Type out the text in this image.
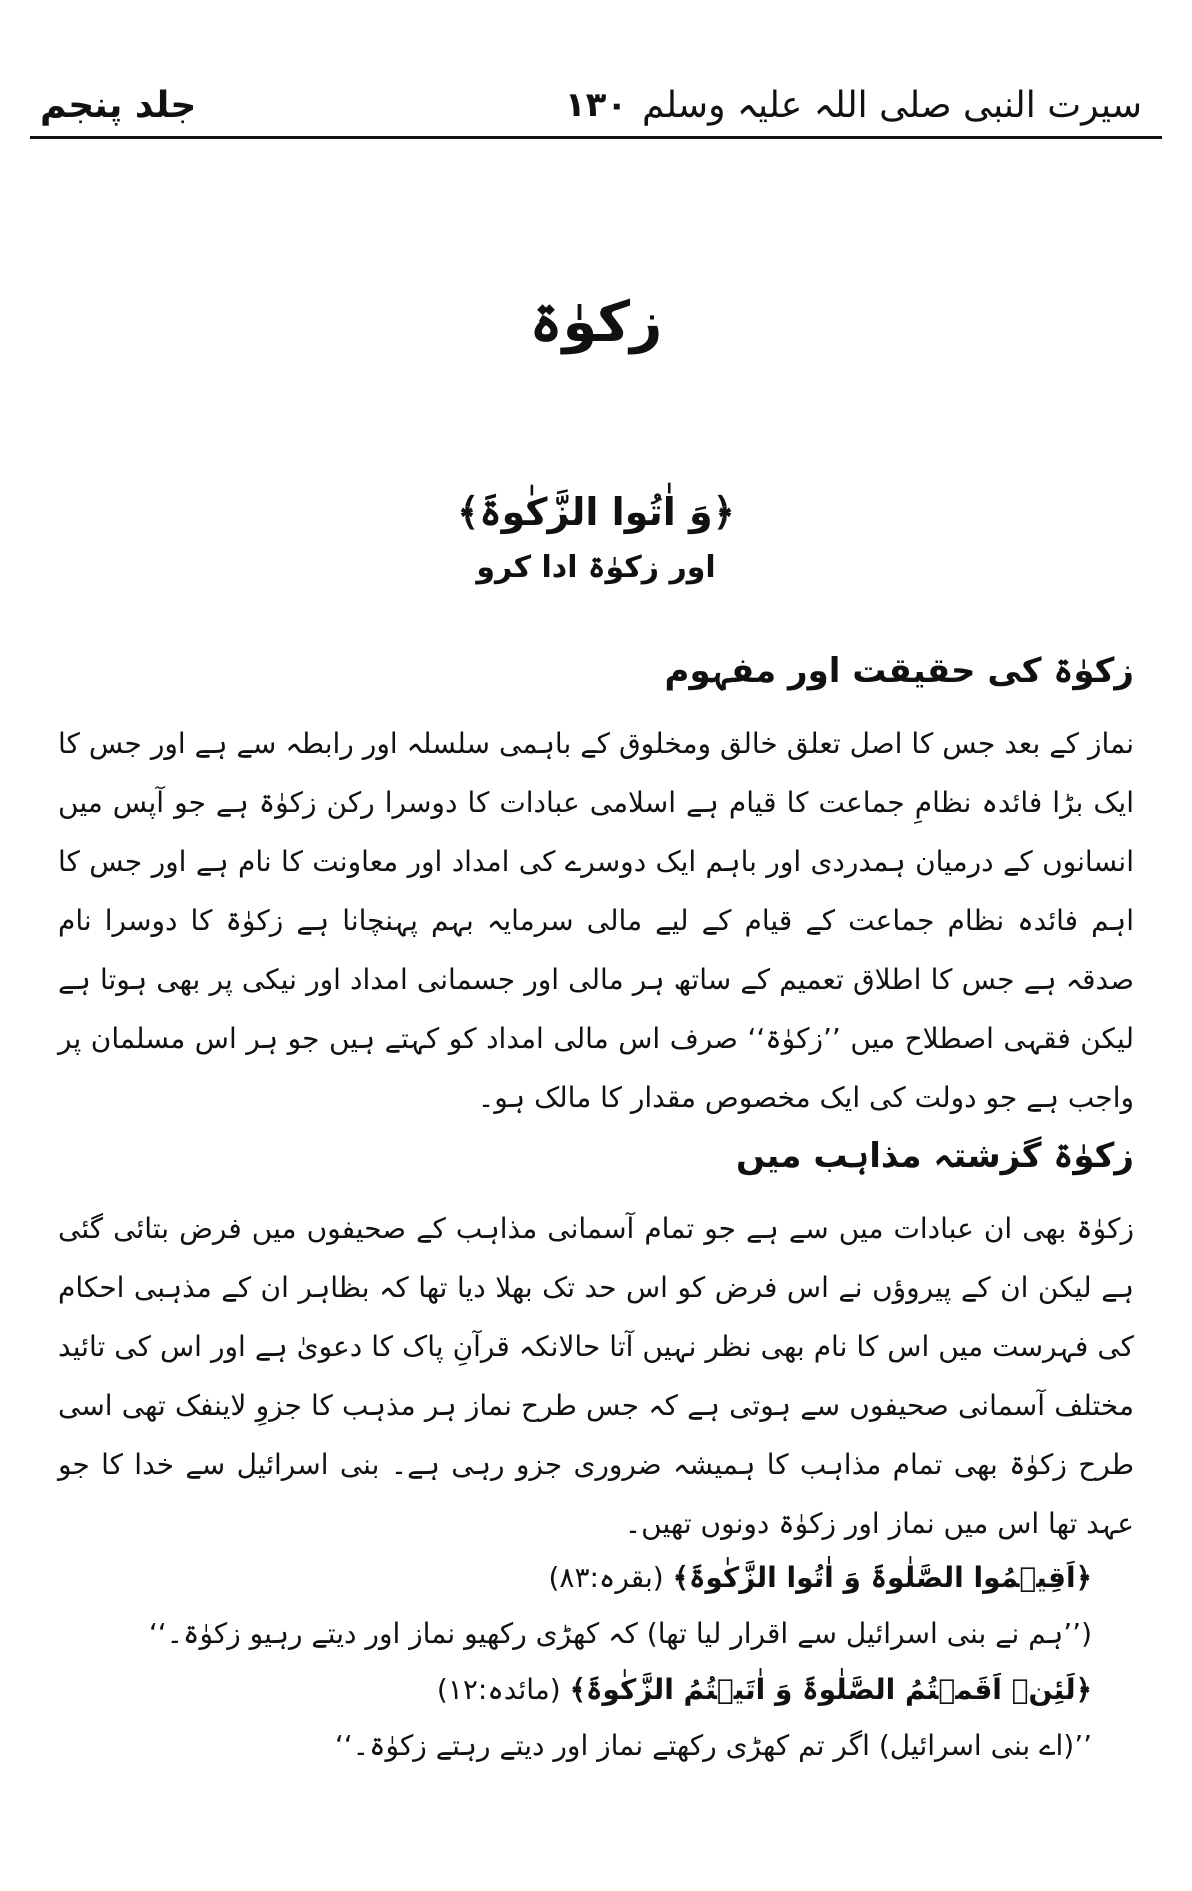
سیرت النبی صلی اللہ علیہ وسلم
۱۳۰
جلد پنجم
زکوٰۃ
﴿وَ اٰتُوا الزَّکٰوۃَ﴾
اور زکوٰۃ ادا کرو
زکوٰۃ کی حقیقت اور مفہوم

نماز کے بعد جس کا اصل تعلق خالق ومخلوق کے باہمی سلسلہ اور رابطہ سے ہے اور جس کا ایک بڑا فائدہ نظامِ جماعت کا قیام ہے اسلامی عبادات کا دوسرا رکن زکوٰۃ ہے جو آپس میں انسانوں کے درمیان ہمدردی اور باہم ایک دوسرے کی امداد اور معاونت کا نام ہے اور جس کا اہم فائدہ نظام جماعت کے قیام کے لیے مالی سرمایہ بہم پہنچانا ہے زکوٰۃ کا دوسرا نام صدقہ ہے جس کا اطلاق تعمیم کے ساتھ ہر مالی اور جسمانی امداد اور نیکی پر بھی ہوتا ہے لیکن فقہی اصطلاح میں ’’زکوٰۃ‘‘ صرف اس مالی امداد کو کہتے ہیں جو ہر اس مسلمان پر واجب ہے جو دولت کی ایک مخصوص مقدار کا مالک ہو۔

زکوٰۃ گزشتہ مذاہب میں

زکوٰۃ بھی ان عبادات میں سے ہے جو تمام آسمانی مذاہب کے صحیفوں میں فرض بتائی گئی ہے لیکن ان کے پیروؤں نے اس فرض کو اس حد تک بھلا دیا تھا کہ بظاہر ان کے مذہبی احکام کی فہرست میں اس کا نام بھی نظر نہیں آتا حالانکہ قرآنِ پاک کا دعویٰ ہے اور اس کی تائید مختلف آسمانی صحیفوں سے ہوتی ہے کہ جس طرح نماز ہر مذہب کا جزوِ لاینفک تھی اسی طرح زکوٰۃ بھی تمام مذاہب کا ہمیشہ ضروری جزو رہی ہے۔ بنی اسرائیل سے خدا کا جو عہد تھا اس میں نماز اور زکوٰۃ دونوں تھیں۔

﴿اَقِیۡمُوا الصَّلٰوۃَ وَ اٰتُوا الزَّکٰوۃَ﴾ (بقرہ:۸۳)
(’’ہم نے بنی اسرائیل سے اقرار لیا تھا) کہ کھڑی رکھیو نماز اور دیتے رہیو زکوٰۃ۔‘‘
﴿لَئِنۡ اَقَمۡتُمُ الصَّلٰوۃَ وَ اٰتَیۡتُمُ الزَّکٰوۃَ﴾ (مائدہ:۱۲)
’’(اے بنی اسرائیل) اگر تم کھڑی رکھتے نماز اور دیتے رہتے زکوٰۃ۔‘‘
